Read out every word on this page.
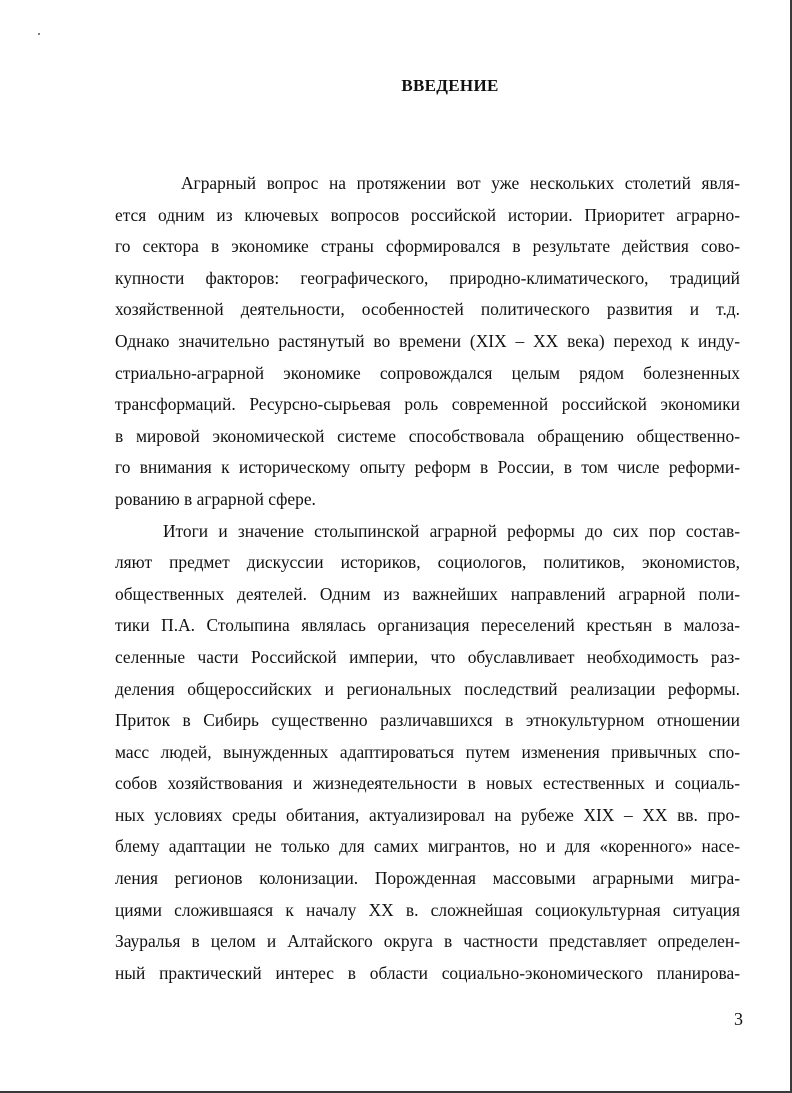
ВВЕДЕНИЕ
Аграрный вопрос на протяжении вот уже нескольких столетий явля-
ется одним из ключевых вопросов российской истории. Приоритет аграрно-
го сектора в экономике страны сформировался в результате действия сово-
купности факторов: географического, природно-климатического, традиций
хозяйственной деятельности, особенностей политического развития и т.д.
Однако значительно растянутый во времени (XIX – XX века) переход к инду-
стриально-аграрной экономике сопровождался целым рядом болезненных
трансформаций. Ресурсно-сырьевая роль современной российской экономики
в мировой экономической системе способствовала обращению общественно-
го внимания к историческому опыту реформ в России, в том числе реформи-
рованию в аграрной сфере.
Итоги и значение столыпинской аграрной реформы до сих пор состав-
ляют предмет дискуссии историков, социологов, политиков, экономистов,
общественных деятелей. Одним из важнейших направлений аграрной поли-
тики П.А. Столыпина являлась организация переселений крестьян в малоза-
селенные части Российской империи, что обуславливает необходимость раз-
деления общероссийских и региональных последствий реализации реформы.
Приток в Сибирь существенно различавшихся в этнокультурном отношении
масс людей, вынужденных адаптироваться путем изменения привычных спо-
собов хозяйствования и жизнедеятельности в новых естественных и социаль-
ных условиях среды обитания, актуализировал на рубеже XIX – XX вв. про-
блему адаптации не только для самих мигрантов, но и для «коренного» насе-
ления регионов колонизации. Порожденная массовыми аграрными мигра-
циями сложившаяся к началу XX в. сложнейшая социокультурная ситуация
Зауралья в целом и Алтайского округа в частности представляет определен-
ный практический интерес в области социально-экономического планирова-
3
